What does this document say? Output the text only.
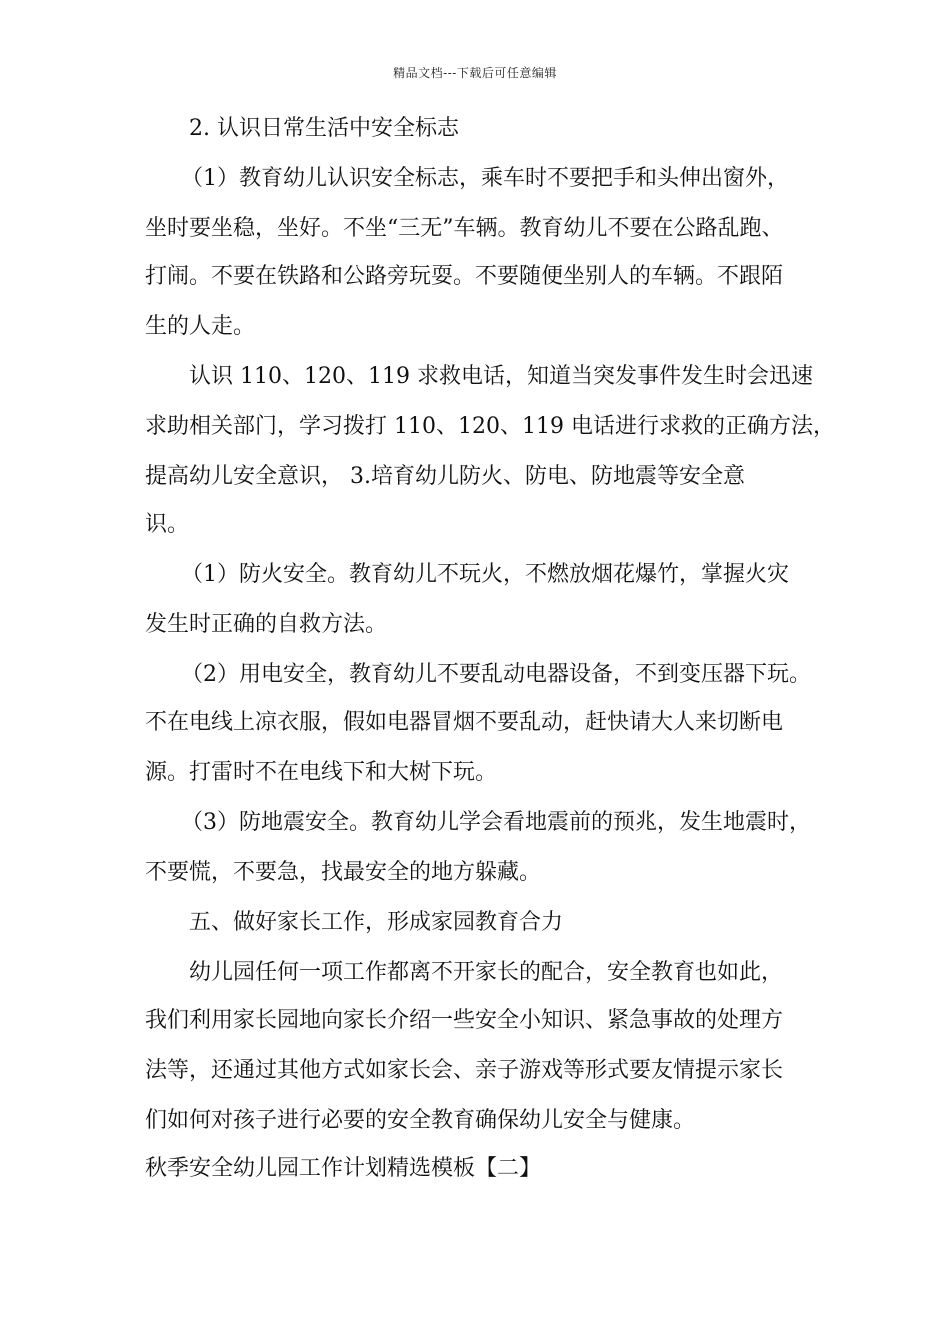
精品文档---下载后可任意编辑
2. 认识日常生活中安全标志
（1）教育幼儿认识安全标志，乘车时不要把手和头伸出窗外，
坐时要坐稳，坐好。不坐“三无”车辆。教育幼儿不要在公路乱跑、
打闹。不要在铁路和公路旁玩耍。不要随便坐别人的车辆。不跟陌
生的人走。
认识 110、120、119 求救电话，知道当突发事件发生时会迅速
求助相关部门，学习拨打 110、120、119 电话进行求救的正确方法，
提高幼儿安全意识， 3.培育幼儿防火、防电、防地震等安全意
识。
（1）防火安全。教育幼儿不玩火，不燃放烟花爆竹，掌握火灾
发生时正确的自救方法。
（2）用电安全，教育幼儿不要乱动电器设备，不到变压器下玩。
不在电线上凉衣服，假如电器冒烟不要乱动，赶快请大人来切断电
源。打雷时不在电线下和大树下玩。
（3）防地震安全。教育幼儿学会看地震前的预兆，发生地震时，
不要慌，不要急，找最安全的地方躲藏。
五、做好家长工作，形成家园教育合力
幼儿园任何一项工作都离不开家长的配合，安全教育也如此，
我们利用家长园地向家长介绍一些安全小知识、紧急事故的处理方
法等，还通过其他方式如家长会、亲子游戏等形式要友情提示家长
们如何对孩子进行必要的安全教育确保幼儿安全与健康。
秋季安全幼儿园工作计划精选模板【二】
